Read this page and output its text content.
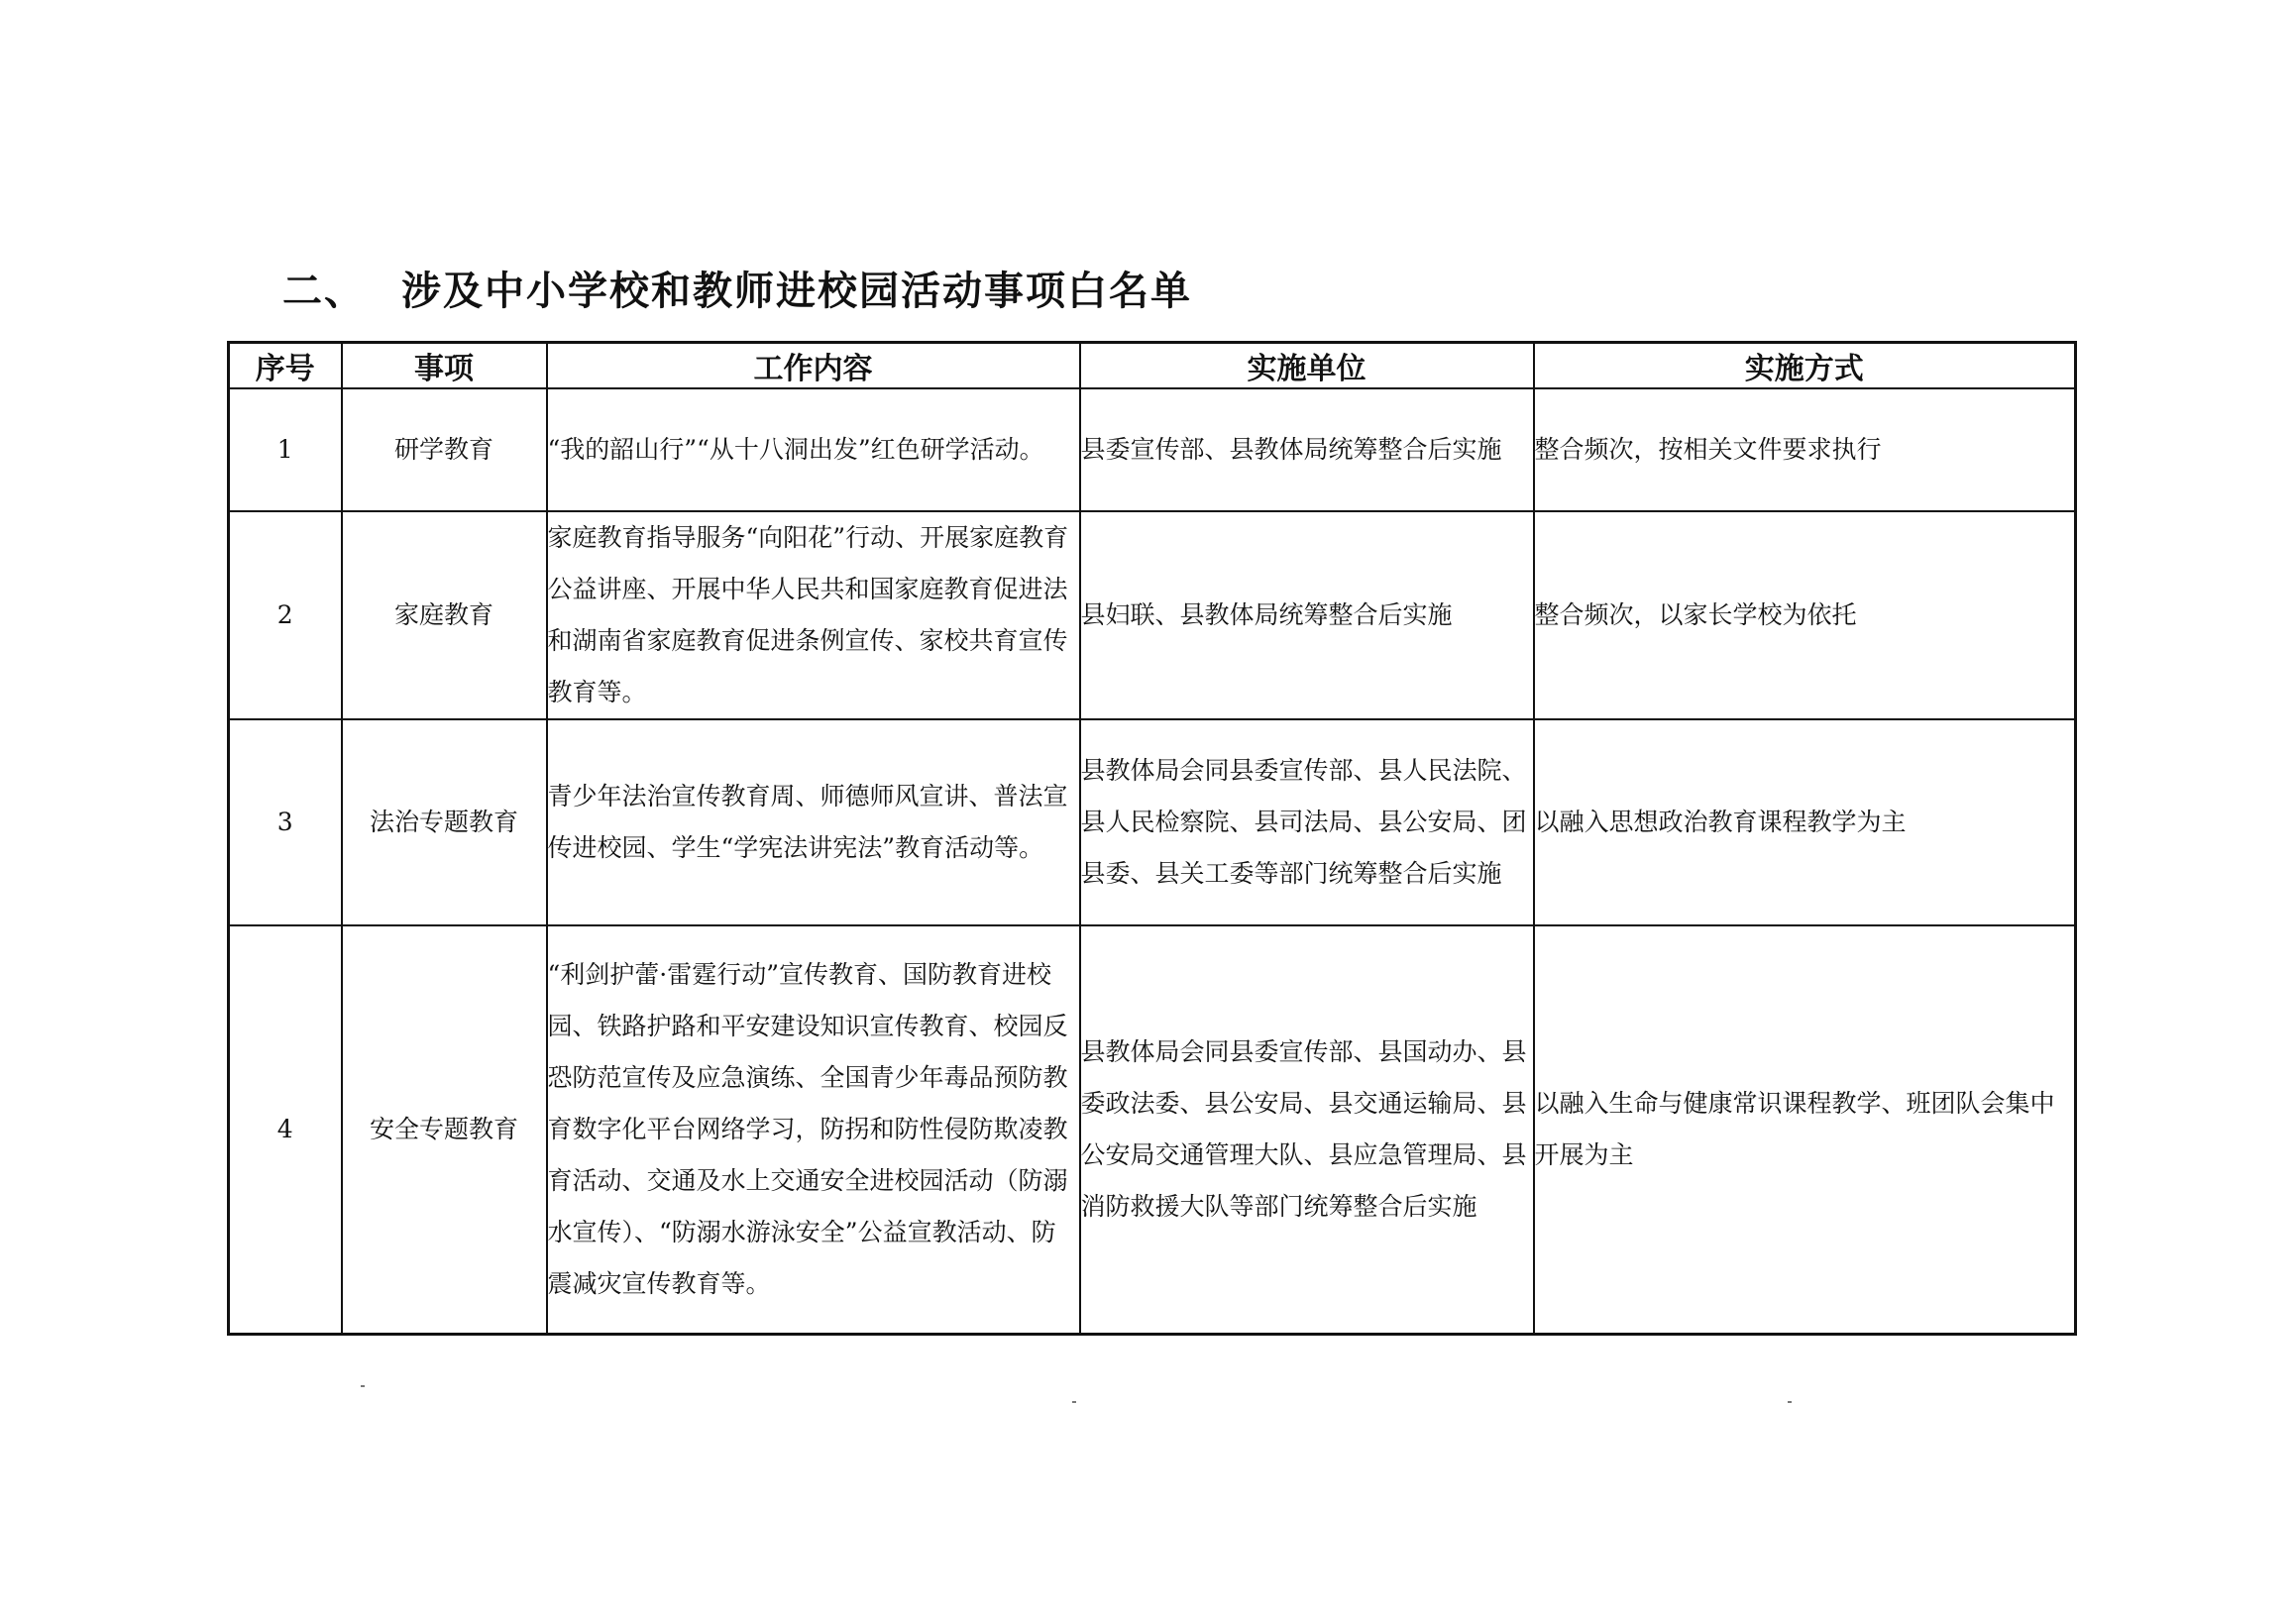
二、 涉及中小学校和教师进校园活动事项白名单
序号	事项	工作内容	实施单位	实施方式
1	研学教育	“我的韶山行”“从十八洞出发”红色研学活动。	县委宣传部、县教体局统筹整合后实施	整合频次，按相关文件要求执行

2	家庭教育	家庭教育指导服务“向阳花”行动、开展家庭教育公益讲座、开展中华人民共和国家庭教育促进法和湖南省家庭教育促进条例宣传、家校共育宣传教育等。	县妇联、县教体局统筹整合后实施	整合频次，以家长学校为依托

3	法治专题教育	青少年法治宣传教育周、师德师风宣讲、普法宣传进校园、学生“学宪法讲宪法”教育活动等。	县教体局会同县委宣传部、县人民法院、县人民检察院、县司法局、县公安局、团县委、县关工委等部门统筹整合后实施	以融入思想政治教育课程教学为主

4	安全专题教育	“利剑护蕾·雷霆行动”宣传教育、国防教育进校园、铁路护路和平安建设知识宣传教育、校园反恐防范宣传及应急演练、全国青少年毒品预防教育数字化平台网络学习，防拐和防性侵防欺凌教育活动、交通及水上交通安全进校园活动（防溺水宣传）、“防溺水游泳安全”公益宣教活动、防震减灾宣传教育等。	县教体局会同县委宣传部、县国动办、县委政法委、县公安局、县交通运输局、县公安局交通管理大队、县应急管理局、县消防救援大队等部门统筹整合后实施	以融入生命与健康常识课程教学、班团队会集中开展为主
